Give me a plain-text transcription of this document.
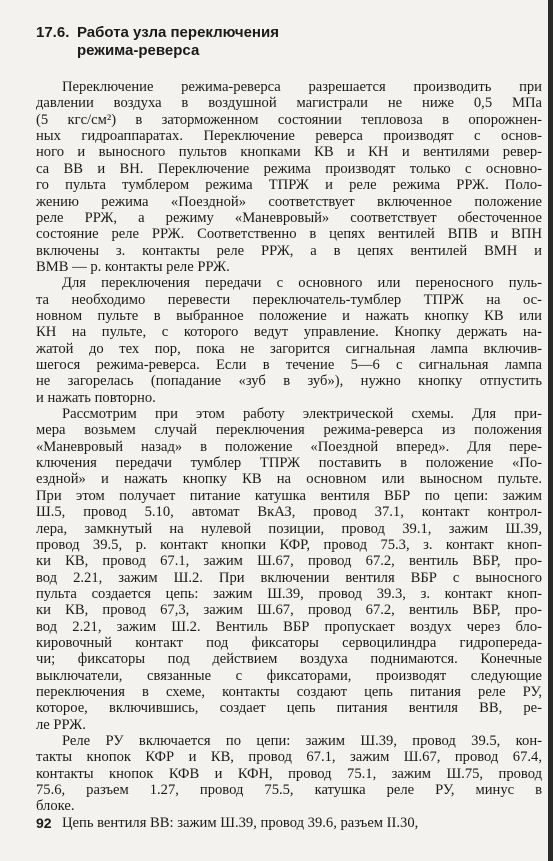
17.6. Работа узла переключения
режима-реверса
Переключение режима-реверса разрешается производить при
давлении воздуха в воздушной магистрали не ниже 0,5 МПа
(5 кгс/см²) в заторможенном состоянии тепловоза в опорожнен-
ных гидроаппаратах. Переключение реверса производят с основ-
ного и выносного пультов кнопками КВ и КН и вентилями ревер-
са ВВ и ВН. Переключение режима производят только с основно-
го пульта тумблером режима ТПРЖ и реле режима РРЖ. Поло-
жению режима «Поездной» соответствует включенное положение
реле РРЖ, а режиму «Маневровый» соответствует обесточенное
состояние реле РРЖ. Соответственно в цепях вентилей ВПВ и ВПН
включены з. контакты реле РРЖ, а в цепях вентилей ВМН и
ВМВ — р. контакты реле РРЖ.
Для переключения передачи с основного или переносного пуль-
та необходимо перевести переключатель-тумблер ТПРЖ на ос-
новном пульте в выбранное положение и нажать кнопку КВ или
КН на пульте, с которого ведут управление. Кнопку держать на-
жатой до тех пор, пока не загорится сигнальная лампа включив-
шегося режима-реверса. Если в течение 5—6 с сигнальная лампа
не загорелась (попадание «зуб в зуб»), нужно кнопку отпустить
и нажать повторно.
Рассмотрим при этом работу электрической схемы. Для при-
мера возьмем случай переключения режима-реверса из положения
«Маневровый назад» в положение «Поездной вперед». Для пере-
ключения передачи тумблер ТПРЖ поставить в положение «По-
ездной» и нажать кнопку КВ на основном или выносном пульте.
При этом получает питание катушка вентиля ВБР по цепи: зажим
Ш.5, провод 5.10, автомат ВкАЗ, провод 37.1, контакт контрол-
лера, замкнутый на нулевой позиции, провод 39.1, зажим Ш.39,
провод 39.5, р. контакт кнопки КФР, провод 75.3, з. контакт кноп-
ки КВ, провод 67.1, зажим Ш.67, провод 67.2, вентиль ВБР, про-
вод 2.21, зажим Ш.2. При включении вентиля ВБР с выносного
пульта создается цепь: зажим Ш.39, провод 39.3, з. контакт кноп-
ки КВ, провод 67,3, зажим Ш.67, провод 67.2, вентиль ВБР, про-
вод 2.21, зажим Ш.2. Вентиль ВБР пропускает воздух через бло-
кировочный контакт под фиксаторы сервоцилиндра гидропереда-
чи; фиксаторы под действием воздуха поднимаются. Конечные
выключатели, связанные с фиксаторами, производят следующие
переключения в схеме, контакты создают цепь питания реле РУ,
которое, включившись, создает цепь питания вентиля ВВ, ре-
ле РРЖ.
Реле РУ включается по цепи: зажим Ш.39, провод 39.5, кон-
такты кнопок КФР и КВ, провод 67.1, зажим Ш.67, провод 67.4,
контакты кнопок КФВ и КФН, провод 75.1, зажим Ш.75, провод
75.6, разъем 1.27, провод 75.5, катушка реле РУ, минус в
блоке.
Цепь вентиля ВВ: зажим Ш.39, провод 39.6, разъем II.30,
92
